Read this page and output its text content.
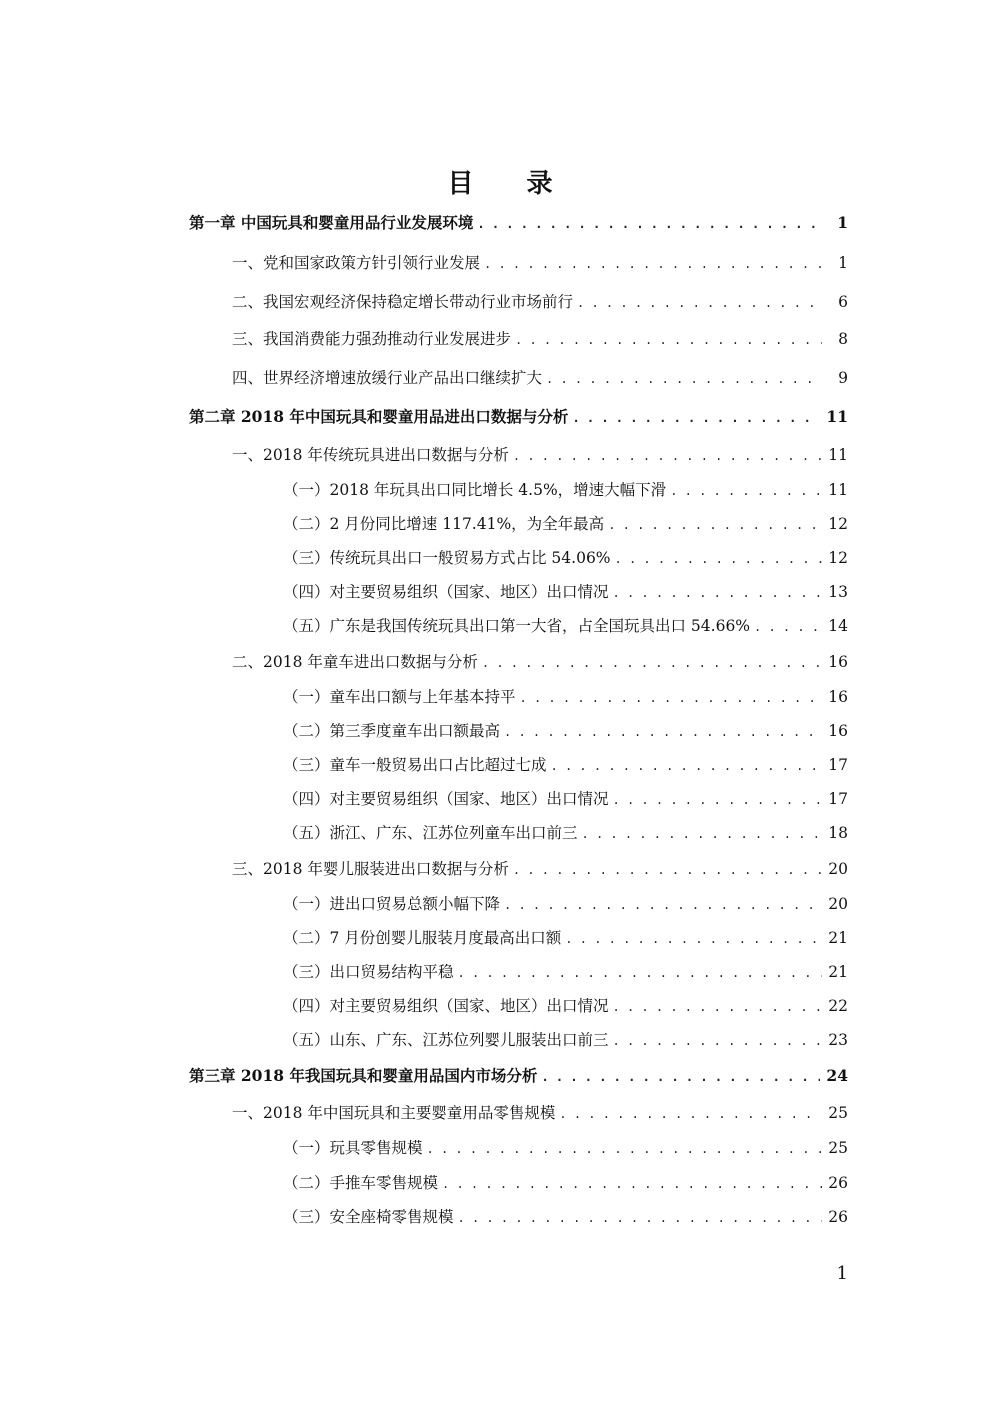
目 录
第一章 中国玩具和婴童用品行业发展环境 . . .	1
一、党和国家政策方针引领行业发展 . . .	1
二、我国宏观经济保持稳定增长带动行业市场前行 . . .	6
三、我国消费能力强劲推动行业发展进步 . . .	8
四、世界经济增速放缓行业产品出口继续扩大 . . .	9
第二章 2018 年中国玩具和婴童用品进出口数据与分析 . . .	11
一、2018 年传统玩具进出口数据与分析 . . .	11
（一）2018 年玩具出口同比增长 4.5%，增速大幅下滑 . . .	11
（二）2 月份同比增速 117.41%，为全年最高 . . .	12
（三）传统玩具出口一般贸易方式占比 54.06% . . .	12
（四）对主要贸易组织（国家、地区）出口情况 . . .	13
（五）广东是我国传统玩具出口第一大省，占全国玩具出口 54.66% . . .	14
二、2018 年童车进出口数据与分析 . . .	16
（一）童车出口额与上年基本持平 . . .	16
（二）第三季度童车出口额最高 . . .	16
（三）童车一般贸易出口占比超过七成 . . .	17
（四）对主要贸易组织（国家、地区）出口情况 . . .	17
（五）浙江、广东、江苏位列童车出口前三 . . .	18
三、2018 年婴儿服装进出口数据与分析 . . .	20
（一）进出口贸易总额小幅下降 . . .	20
（二）7 月份创婴儿服装月度最高出口额 . . .	21
（三）出口贸易结构平稳 . . .	21
（四）对主要贸易组织（国家、地区）出口情况 . . .	22
（五）山东、广东、江苏位列婴儿服装出口前三 . . .	23
第三章 2018 年我国玩具和婴童用品国内市场分析 . . .	24
一、2018 年中国玩具和主要婴童用品零售规模 . . .	25
（一）玩具零售规模 . . .	25
（二）手推车零售规模 . . .	26
（三）安全座椅零售规模 . . .	26
1
